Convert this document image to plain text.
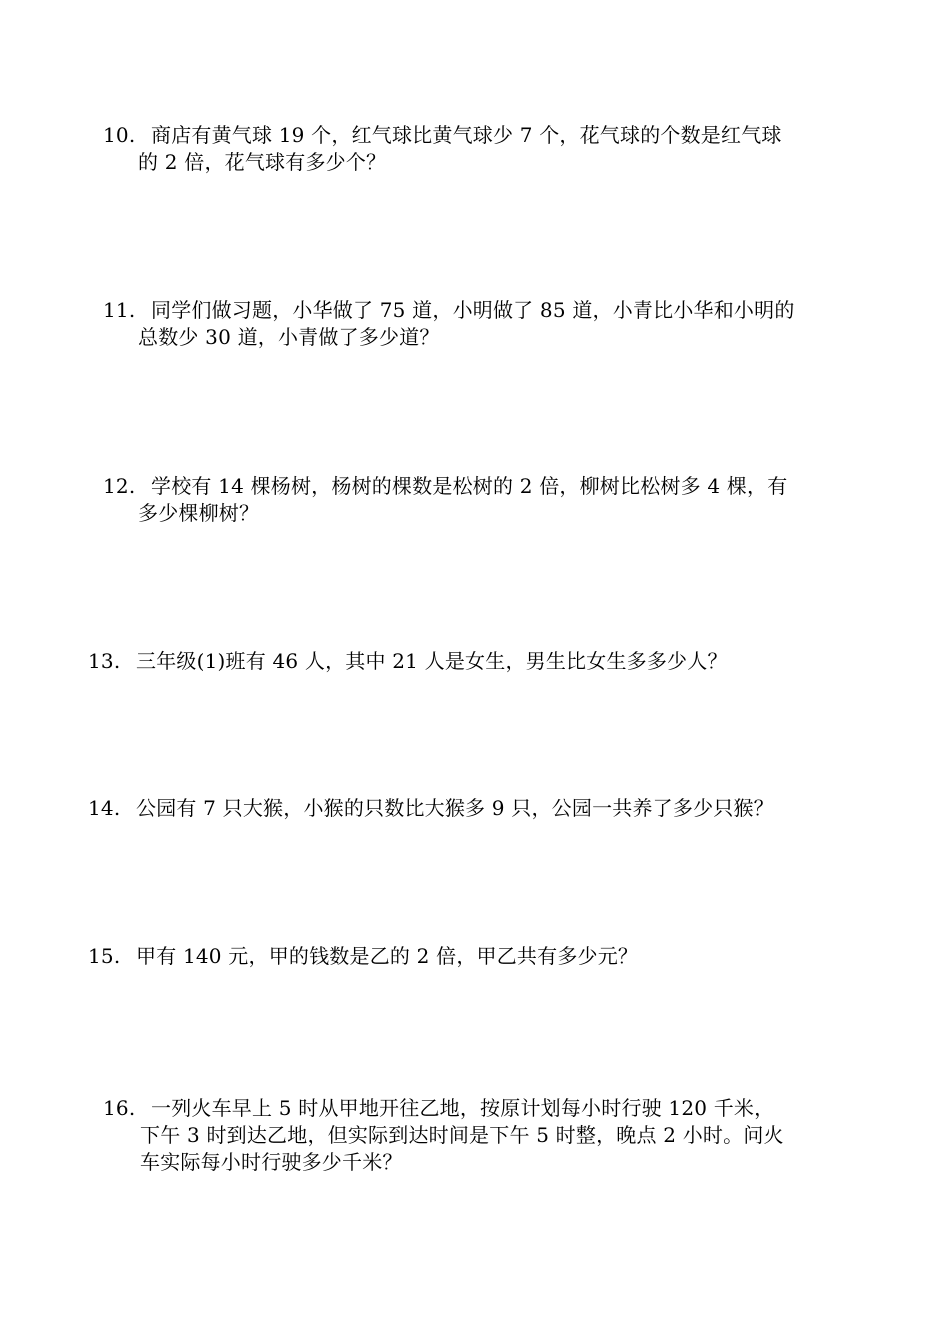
10. 商店有黄气球 19 个，红气球比黄气球少 7 个，花气球的个数是红气球
的 2 倍，花气球有多少个？
11. 同学们做习题，小华做了 75 道，小明做了 85 道，小青比小华和小明的
总数少 30 道，小青做了多少道？
12. 学校有 14 棵杨树，杨树的棵数是松树的 2 倍，柳树比松树多 4 棵，有
多少棵柳树？
13. 三年级(1)班有 46 人，其中 21 人是女生，男生比女生多多少人？
14. 公园有 7 只大猴，小猴的只数比大猴多 9 只，公园一共养了多少只猴？
15. 甲有 140 元，甲的钱数是乙的 2 倍，甲乙共有多少元？
16. 一列火车早上 5 时从甲地开往乙地，按原计划每小时行驶 120 千米，
下午 3 时到达乙地，但实际到达时间是下午 5 时整，晚点 2 小时。问火
车实际每小时行驶多少千米？
